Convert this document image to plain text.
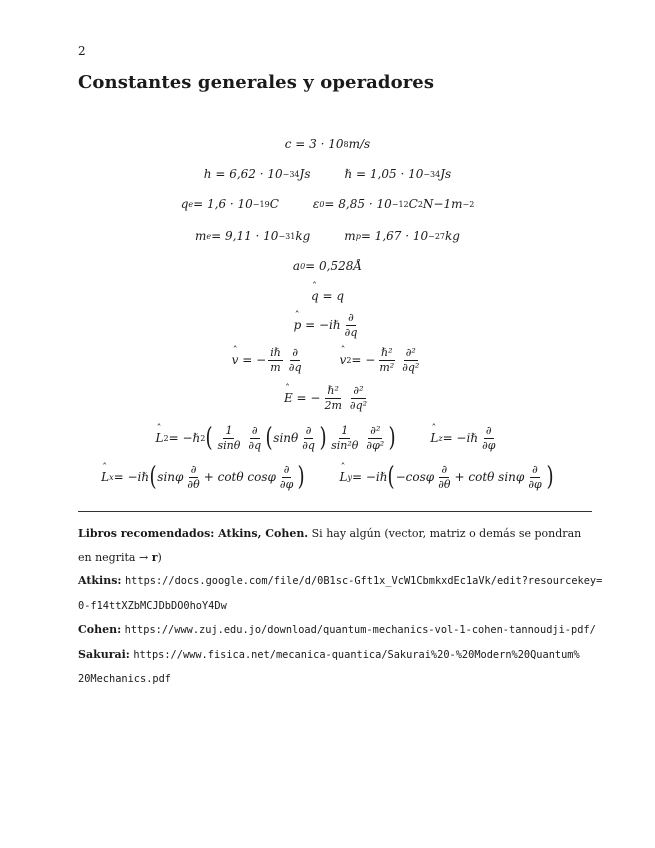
2
Constantes generales y operadores
c = 3 · 10 8 m/s
h = 6,62 · 10 −34 Js	ℏ = 1,05 · 10 −34 Js
q e = 1,6 · 10 −19 C	ε 0 = 8,85 · 10 −12 C 2 N−1m −2
m e = 9,11 · 10 −31 kg	m p = 1,67 · 10 −27 kg
a 0 = 0,528Å
ˆ q = q
ˆ p = −iℏ $\frac{\partial}{\partial q}$
ˆ v = − $\frac{\text{iℏ}}{m} \frac{\partial}{\partial q}$	ˆ v 2 = − $\frac{\text{ℏ²}}{\text{m²}} \frac{\text{∂²}}{\text{∂q²}}$
ˆ E = − $\frac{\text{ℏ²}}{2m} \frac{\text{∂²}}{\text{∂q²}}$
ˆ L 2 = −ℏ 2 ( $\frac{1}{\sin\theta} \frac{\partial}{\partial q}$ ( sinθ $\frac{\partial}{\partial q}$ ) $\frac{1}{\text{sin²θ}} \frac{\text{∂²}}{\text{∂φ²}}$ )	ˆ L z = −iℏ $\frac{\partial}{\partial\varphi}$
ˆ L x = −iℏ ( sinφ $\frac{\partial}{\partial\theta} + \cot\theta$ cosφ $\frac{\partial}{\partial\varphi}$ )	ˆ L y = −iℏ ( $-\cos\varphi \frac{\partial}{\partial\theta} + \cot\theta$ sinφ $\frac{\partial}{\partial\varphi}$ )

Libros recomendados: Atkins, Cohen. Si hay algún (vector, matriz o demás se pondran

en negrita → r)

Atkins: https://docs.google.com/file/d/0B1sc-Gft1x_VcW1CbmkxdEc1aVk/edit?resourcekey=

0-f14ttXZbMCJDbDO0hoY4Dw

Cohen: https://www.zuj.edu.jo/download/quantum-mechanics-vol-1-cohen-tannoudji-pdf/

Sakurai: https://www.fisica.net/mecanica-quantica/Sakurai%20-%20Modern%20Quantum%

20Mechanics.pdf
